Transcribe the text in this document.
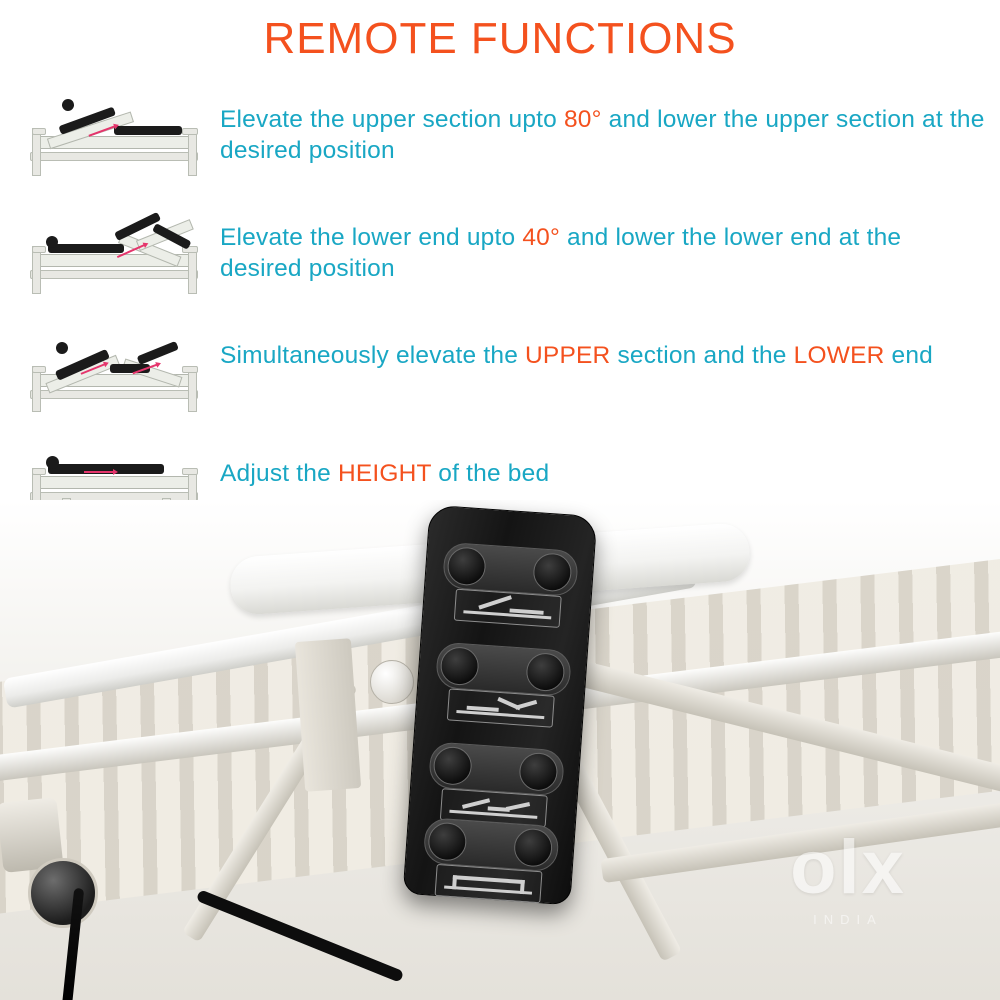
REMOTE FUNCTIONS
Elevate the upper section upto 80° and lower the upper section at the desired position
Elevate the lower end upto 40° and lower the lower end at the desired position
Simultaneously elevate the UPPER section and the LOWER end
Adjust the HEIGHT of the bed
olx
INDIA
